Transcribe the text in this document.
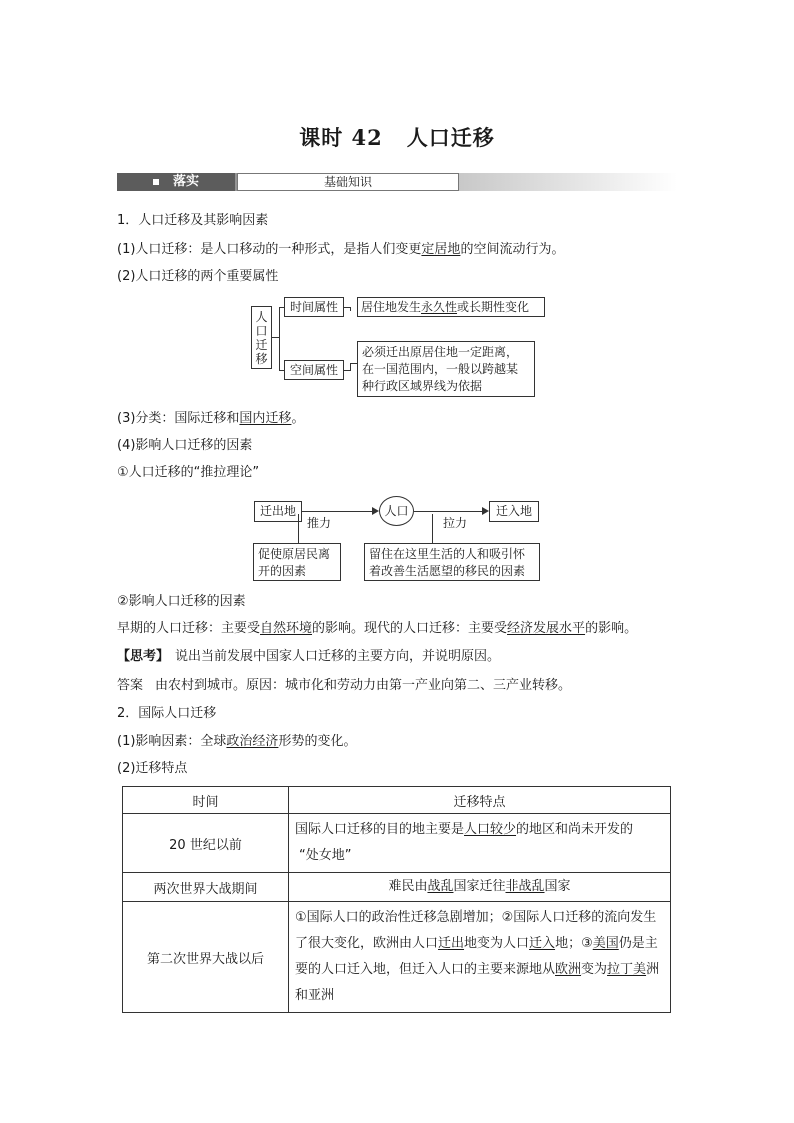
课时 42 人口迁移
落实	基础知识
1．人口迁移及其影响因素
(1)人口迁移：是人口移动的一种形式，是指人们变更定居地的空间流动行为。
(2)人口迁移的两个重要属性
人
口
迁
移
时间属性	居住地发生永久性或长期性变化
空间属性
必须迁出原居住地一定距离，
在一国范围内，一般以跨越某
种行政区域界线为依据
(3)分类：国际迁移和国内迁移。
(4)影响人口迁移的因素
①人口迁移的“推拉理论”
迁出地	人口	迁入地
推力	拉力
促使原居民离
开的因素
留住在这里生活的人和吸引怀
着改善生活愿望的移民的因素
②影响人口迁移的因素
早期的人口迁移：主要受自然环境的影响。现代的人口迁移：主要受经济发展水平的影响。
【思考】 说出当前发展中国家人口迁移的主要方向，并说明原因。
答案 由农村到城市。原因：城市化和劳动力由第一产业向第二、三产业转移。
2．国际人口迁移
(1)影响因素：全球政治经济形势的变化。
(2)迁移特点
时间	迁移特点
20 世纪以前	国际人口迁移的目的地主要是人口较少的地区和尚未开发的
“处女地”
两次世界大战期间	难民由战乱国家迁往非战乱国家
第二次世界大战以后	①国际人口的政治性迁移急剧增加；②国际人口迁移的流向发生了很大变化，欧洲由人口迁出地变为人口迁入地；③美国仍是主要的人口迁入地，但迁入人口的主要来源地从欧洲变为拉丁美洲和亚洲
